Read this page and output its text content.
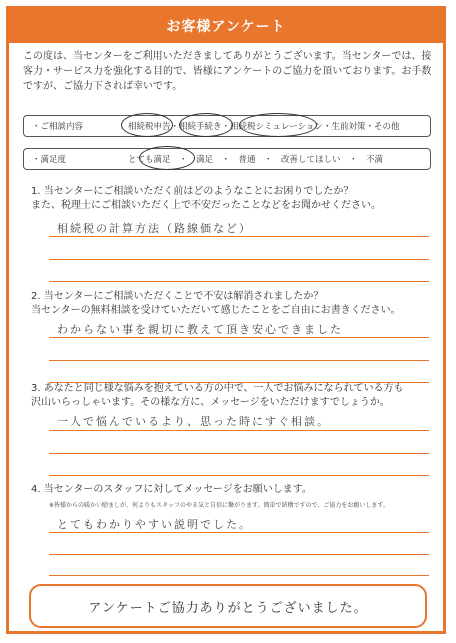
お客様アンケート
この度は、当センターをご利用いただきましてありがとうございます。当センターでは、接客力・サービス力を強化する目的で、皆様にアンケートのご協力を頂いております。お手数ですが、ご協力下されば幸いです。
・ご相談内容	相続税申告・相続手続き・相続税シミュレーション・生前対策・その他
・満足度	とても満足　・　満足　・　普通　・　改善してほしい　・　不満
1. 当センターにご相談いただく前はどのようなことにお困りでしたか？
また、税理士にご相談いただく上で不安だったことなどをお聞かせください。
相続税の計算方法（路線価など）
2. 当センターにご相談いただくことで不安は解消されましたか？
当センターの無料相談を受けていただいて感じたことをご自由にお書きください。
わからない事を親切に教えて頂き安心できました
3. あなたと同じ様な悩みを抱えている方の中で、一人でお悩みになられている方も
沢山いらっしゃいます。その様な方に、メッセージをいただけますでしょうか。
一人で悩んでいるより、思った時にすぐ相談。
4. 当センターのスタッフに対してメッセージをお願いします。
※皆様からの暖かい励ましが、何よりもスタッフのやる気と自信に繋がります。簡単で結構ですので、ご協力をお願いします。
とてもわかりやすい説明でした。
アンケートご協力ありがとうございました。
